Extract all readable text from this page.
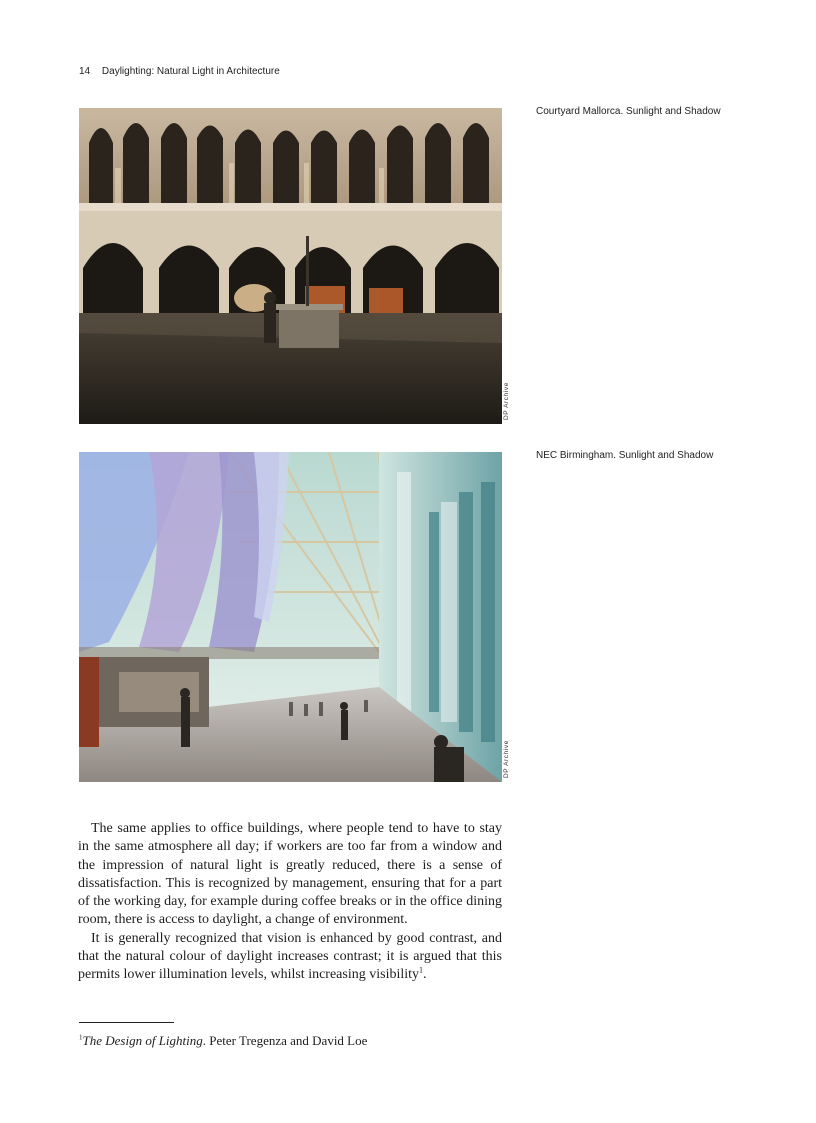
14 Daylighting: Natural Light in Architecture
DP Archive
Courtyard Mallorca. Sunlight and Shadow
DP Archive
NEC Birmingham. Sunlight and Shadow

The same applies to office buildings, where people tend to have to stay in the same atmosphere all day; if workers are too far from a window and the impression of natural light is greatly reduced, there is a sense of dissatisfaction. This is recognized by management, ensuring that for a part of the working day, for example during coffee breaks or in the office dining room, there is access to daylight, a change of environment.

It is generally recognized that vision is enhanced by good contrast, and that the natural colour of daylight increases contrast; it is argued that this permits lower illumination levels, whilst increasing visibility$^1$.

$^1$The Design of Lighting. Peter Tregenza and David Loe
